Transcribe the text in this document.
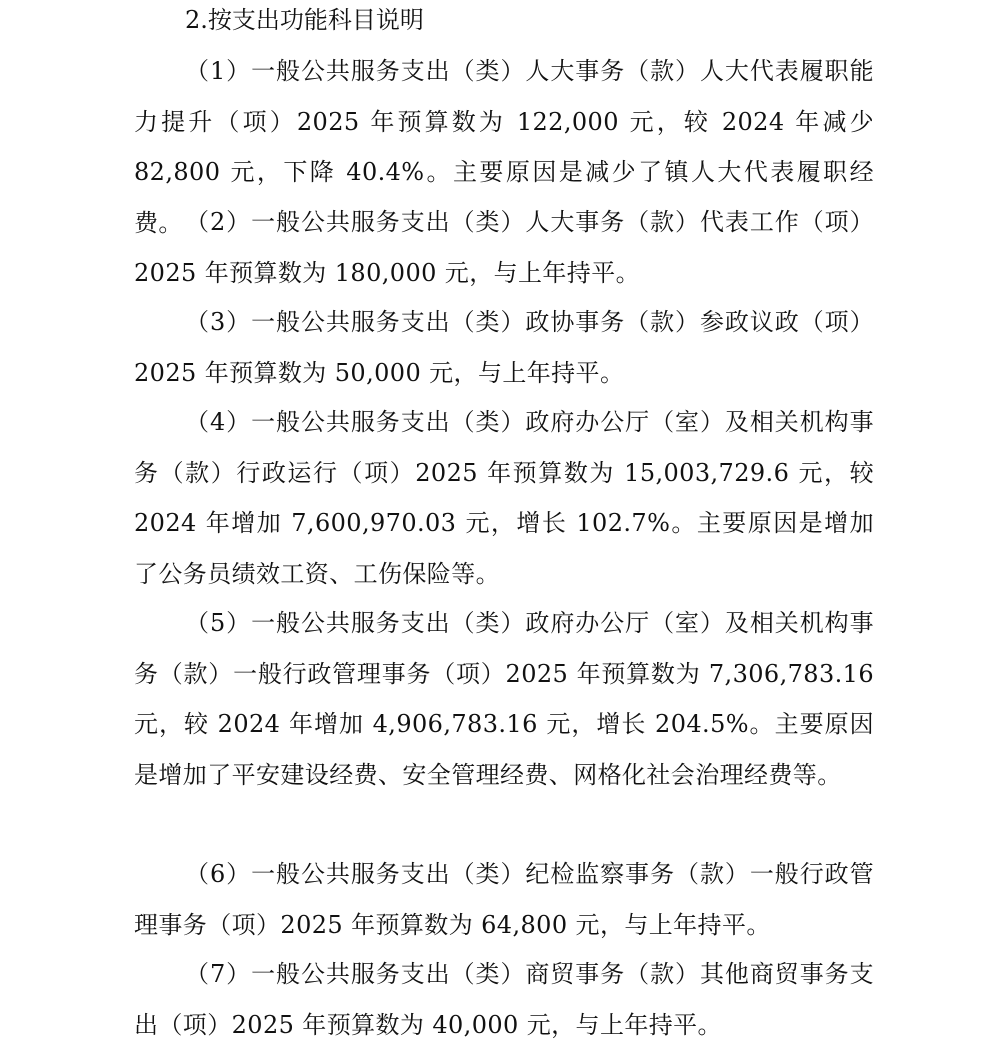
2.按支出功能科目说明

（1）一般公共服务支出（类）人大事务（款）人大代表履职能力提升（项）2025 年预算数为 122,000 元，较 2024 年减少 82,800 元，下降 40.4%。主要原因是减少了镇人大代表履职经费。 （2）一般公共服务支出（类）人大事务（款）代表工作（项）2025 年预算数为 180,000 元，与上年持平。

（3）一般公共服务支出（类）政协事务（款）参政议政（项）2025 年预算数为 50,000 元，与上年持平。

（4）一般公共服务支出（类）政府办公厅（室）及相关机构事务（款）行政运行（项）2025 年预算数为 15,003,729.6 元，较 2024 年增加 7,600,970.03 元，增长 102.7%。主要原因是增加了公务员绩效工资、工伤保险等。

（5）一般公共服务支出（类）政府办公厅（室）及相关机构事务（款）一般行政管理事务（项）2025 年预算数为 7,306,783.16 元，较 2024 年增加 4,906,783.16 元，增长 204.5%。主要原因是增加了平安建设经费、安全管理经费、网格化社会治理经费等。

（6）一般公共服务支出（类）纪检监察事务（款）一般行政管理事务（项）2025 年预算数为 64,800 元，与上年持平。

（7）一般公共服务支出（类）商贸事务（款）其他商贸事务支出（项）2025 年预算数为 40,000 元，与上年持平。
